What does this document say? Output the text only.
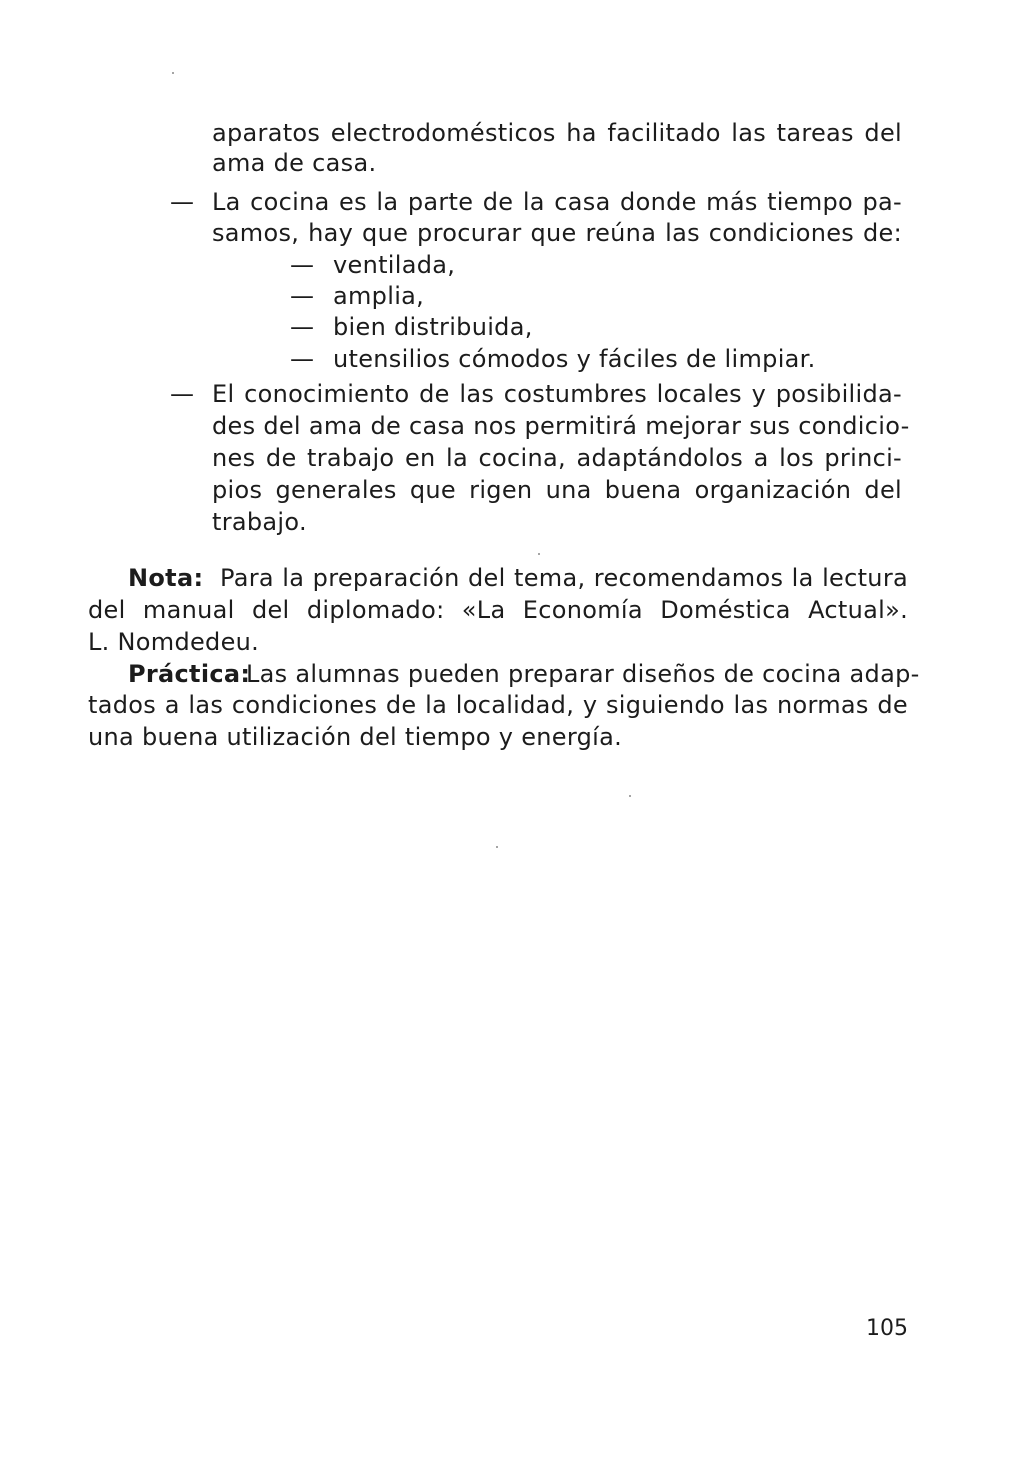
aparatos electrodomésticos ha facilitado las tareas del
ama de casa.
— La cocina es la parte de la casa donde más tiempo pa-
samos, hay que procurar que reúna las condiciones de:
— ventilada,
— amplia,
— bien distribuida,
— utensilios cómodos y fáciles de limpiar.
— El conocimiento de las costumbres locales y posibilida-
des del ama de casa nos permitirá mejorar sus condicio-
nes de trabajo en la cocina, adaptándolos a los princi-
pios generales que rigen una buena organización del
trabajo.
Nota: Para la preparación del tema, recomendamos la lectura
del manual del diplomado: «La Economía Doméstica Actual».
L. Nomdedeu.
Práctica:
Las alumnas pueden preparar diseños de cocina adap-
tados a las condiciones de la localidad, y siguiendo las normas de
una buena utilización del tiempo y energía.
105
